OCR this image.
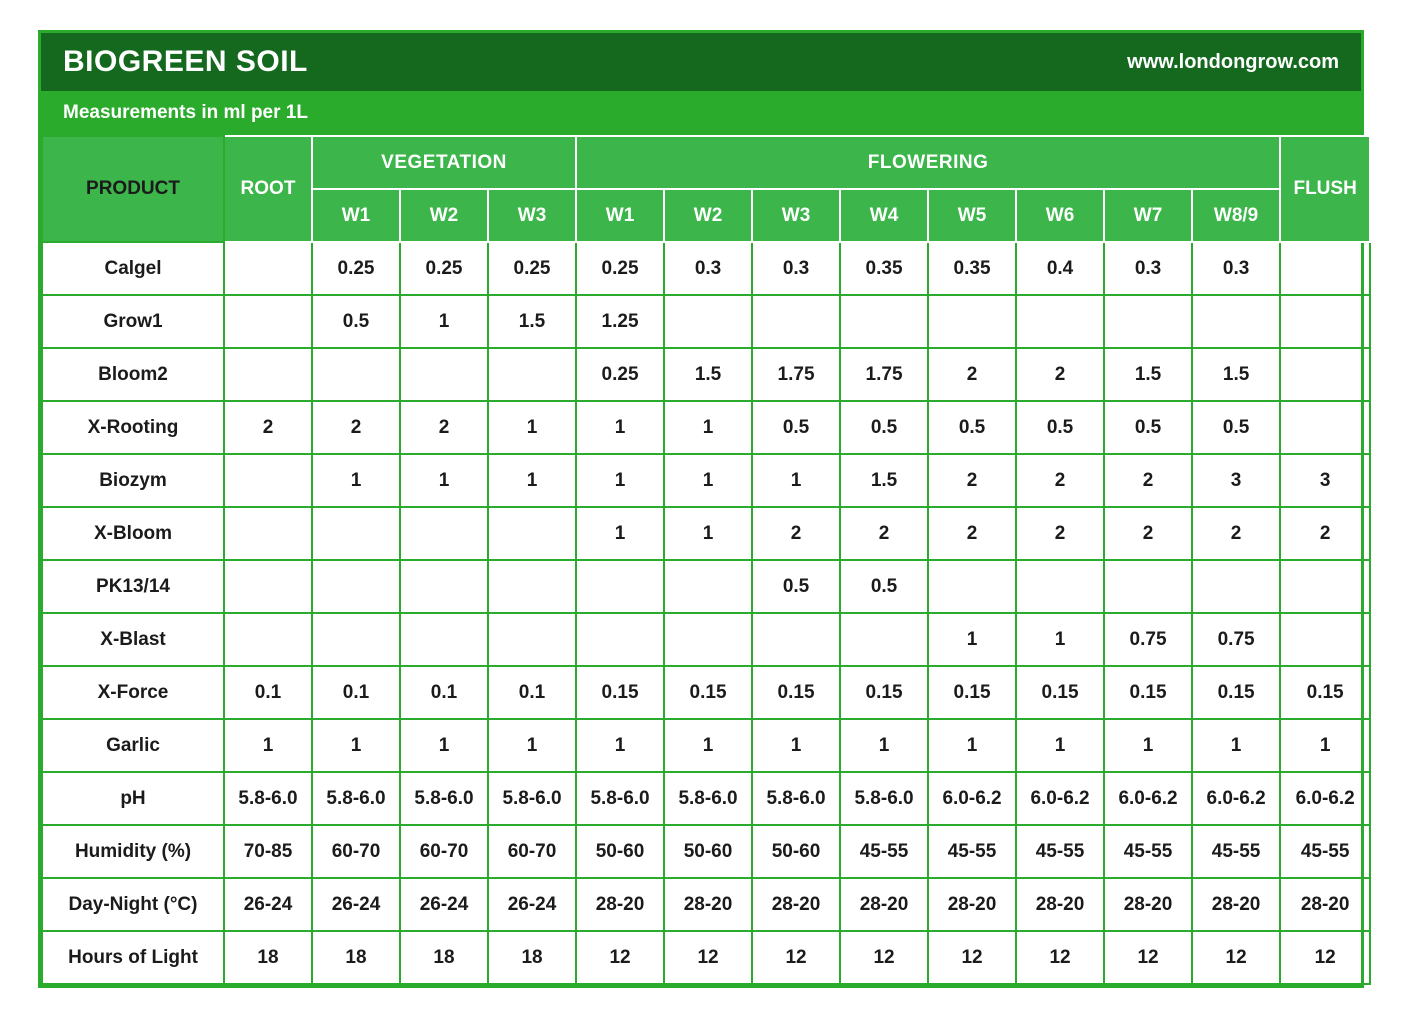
BIOGREEN SOIL	www.londongrow.com
Measurements in ml per 1L
PRODUCT	ROOT	VEGETATION			FLOWERING								FLUSH
		W1	W2	W3	W1	W2	W3	W4	W5	W6	W7	W8/9	
Calgel		0.25	0.25	0.25	0.25	0.3	0.3	0.35	0.35	0.4	0.3	0.3	
Grow1		0.5	1	1.5	1.25								
Bloom2					0.25	1.5	1.75	1.75	2	2	1.5	1.5	
X-Rooting	2	2	2	1	1	1	0.5	0.5	0.5	0.5	0.5	0.5	
Biozym		1	1	1	1	1	1	1.5	2	2	2	3	3
X-Bloom					1	1	2	2	2	2	2	2	2
PK13/14							0.5	0.5					
X-Blast									1	1	0.75	0.75	
X-Force	0.1	0.1	0.1	0.1	0.15	0.15	0.15	0.15	0.15	0.15	0.15	0.15	0.15
Garlic	1	1	1	1	1	1	1	1	1	1	1	1	1
pH	5.8-6.0	5.8-6.0	5.8-6.0	5.8-6.0	5.8-6.0	5.8-6.0	5.8-6.0	5.8-6.0	6.0-6.2	6.0-6.2	6.0-6.2	6.0-6.2	6.0-6.2
Humidity (%)	70-85	60-70	60-70	60-70	50-60	50-60	50-60	45-55	45-55	45-55	45-55	45-55	45-55
Day-Night (°C)	26-24	26-24	26-24	26-24	28-20	28-20	28-20	28-20	28-20	28-20	28-20	28-20	28-20
Hours of Light	18	18	18	18	12	12	12	12	12	12	12	12	12
